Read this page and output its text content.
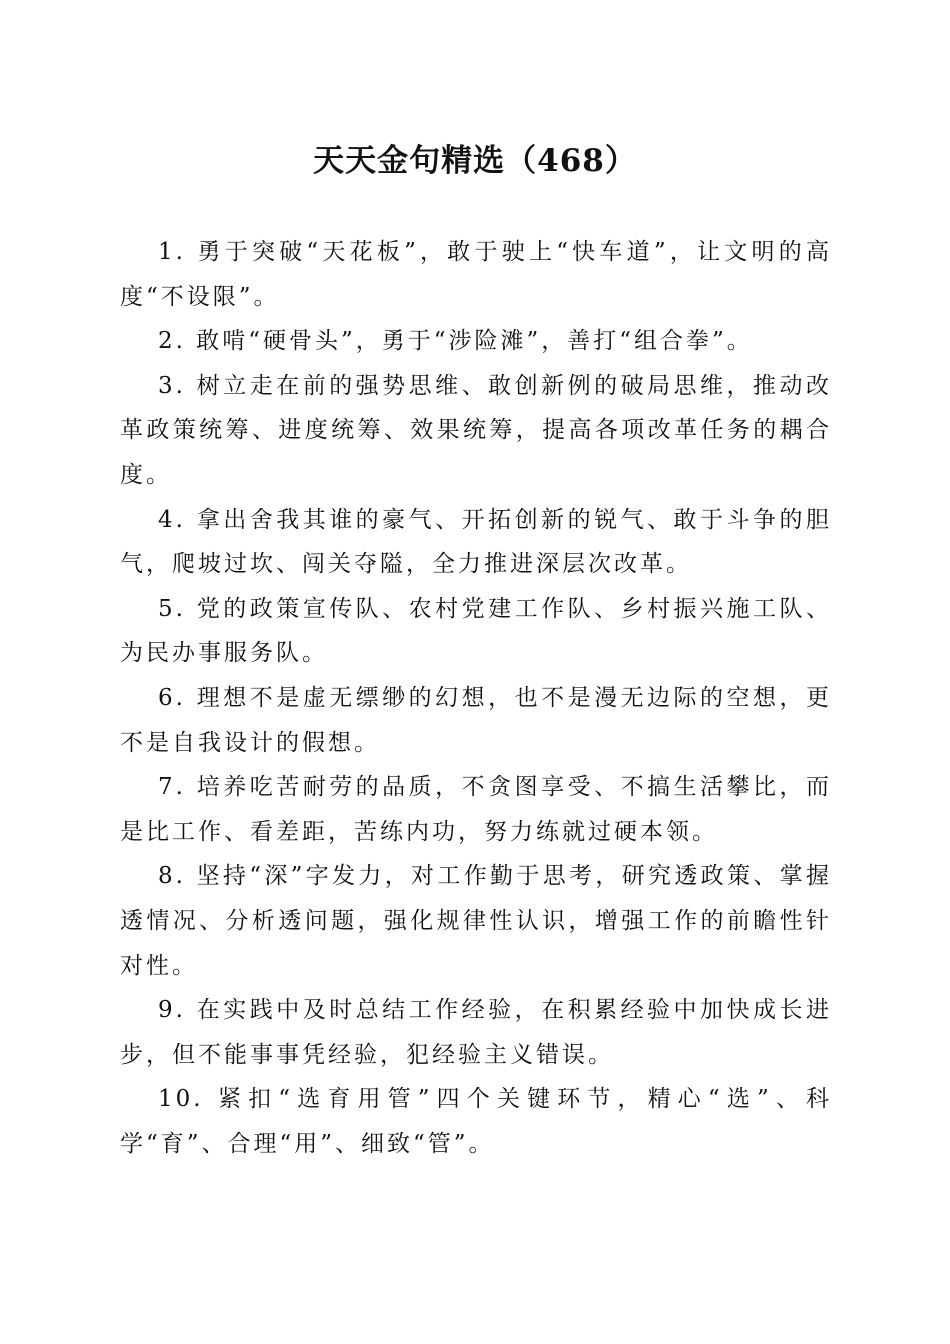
天天金句精选（468）

1. 勇于突破“天花板”，敢于驶上“快车道”，让文明的高度“不设限”。

2. 敢啃“硬骨头”，勇于“涉险滩”，善打“组合拳”。

3. 树立走在前的强势思维、敢创新例的破局思维，推动改革政策统筹、进度统筹、效果统筹，提高各项改革任务的耦合度。

4. 拿出舍我其谁的豪气、开拓创新的锐气、敢于斗争的胆气，爬坡过坎、闯关夺隘，全力推进深层次改革。

5. 党的政策宣传队、农村党建工作队、乡村振兴施工队、为民办事服务队。

6. 理想不是虚无缥缈的幻想，也不是漫无边际的空想，更不是自我设计的假想。

7. 培养吃苦耐劳的品质，不贪图享受、不搞生活攀比，而是比工作、看差距，苦练内功，努力练就过硬本领。

8. 坚持“深”字发力，对工作勤于思考，研究透政策、掌握透情况、分析透问题，强化规律性认识，增强工作的前瞻性针对性。

9. 在实践中及时总结工作经验，在积累经验中加快成长进步，但不能事事凭经验，犯经验主义错误。

10. 紧扣“选育用管”四个关键环节，精心“选”、科学“育”、合理“用”、细致“管”。
